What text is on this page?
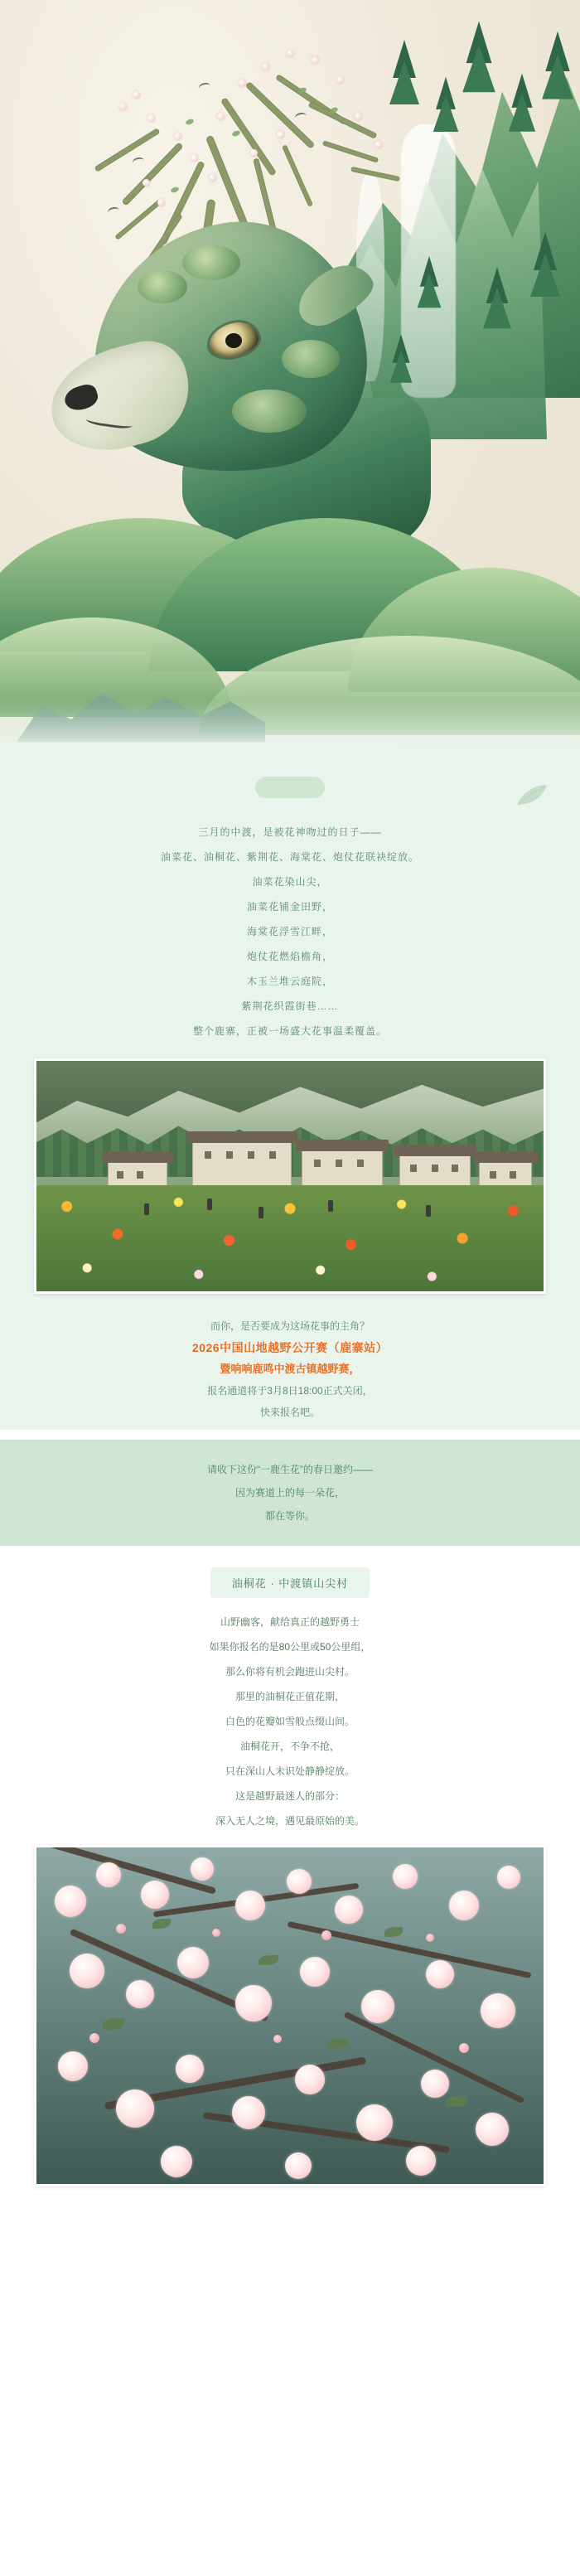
三月的中渡，是被花神吻过的日子——
油菜花、油桐花、紫荆花、海棠花、炮仗花联袂绽放。
油菜花染山尖，
油菜花铺金田野，
海棠花浮雪江畔，
炮仗花燃焰檐角，
木玉兰堆云庭院，
紫荆花织霞街巷……
整个鹿寨，正被一场盛大花事温柔覆盖。
而你，是否要成为这场花事的主角？
2026中国山地越野公开赛（鹿寨站）
暨响响鹿鸣中渡古镇越野赛，
报名通道将于3月8日18:00正式关闭，
快来报名吧。
请收下这份“一鹿生花”的春日邀约——
因为赛道上的每一朵花，
都在等你。
油桐花 · 中渡镇山尖村
山野幽客，献给真正的越野勇士
如果你报名的是80公里或50公里组，
那么你将有机会跑进山尖村。
那里的油桐花正值花期，
白色的花瓣如雪般点缀山间。
油桐花开，不争不抢，
只在深山人未识处静静绽放。
这是越野最迷人的部分：
深入无人之境，遇见最原始的美。
